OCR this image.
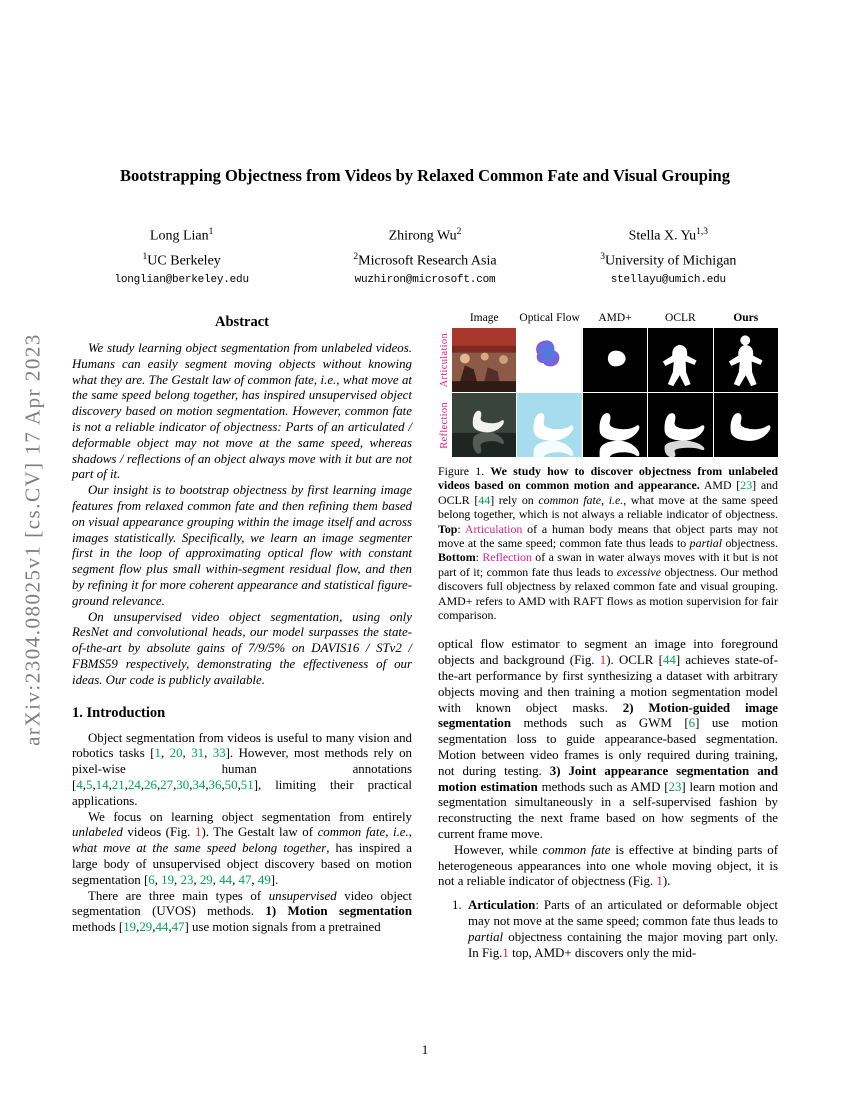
arXiv:2304.08025v1 [cs.CV] 17 Apr 2023
Bootstrapping Objectness from Videos by Relaxed Common Fate and Visual Grouping
Long Lian$^1$
$^1$UC Berkeley
longlian@berkeley.edu
Zhirong Wu$^2$
$^2$Microsoft Research Asia
wuzhiron@microsoft.com
Stella X. Yu$^{1,3}$
$^3$University of Michigan
stellayu@umich.edu
Abstract

We study learning object segmentation from unlabeled videos. Humans can easily segment moving objects without knowing what they are. The Gestalt law of common fate, i.e., what move at the same speed belong together, has inspired unsupervised object discovery based on motion segmentation. However, common fate is not a reliable indicator of objectness: Parts of an articulated / deformable object may not move at the same speed, whereas shadows / reflections of an object always move with it but are not part of it.

Our insight is to bootstrap objectness by first learning image features from relaxed common fate and then refining them based on visual appearance grouping within the image itself and across images statistically. Specifically, we learn an image segmenter first in the loop of approximating optical flow with constant segment flow plus small within-segment residual flow, and then by refining it for more coherent appearance and statistical figure-ground relevance.

On unsupervised video object segmentation, using only ResNet and convolutional heads, our model surpasses the state-of-the-art by absolute gains of 7/9/5% on DAVIS16 / STv2 / FBMS59 respectively, demonstrating the effectiveness of our ideas. Our code is publicly available.

1. Introduction

Object segmentation from videos is useful to many vision and robotics tasks [1, 20, 31, 33]. However, most methods rely on pixel-wise human annotations [4,5,14,21,24,26,27,30,34,36,50,51], limiting their practical applications.

We focus on learning object segmentation from entirely unlabeled videos (Fig. 1). The Gestalt law of common fate, i.e., what move at the same speed belong together, has inspired a large body of unsupervised object discovery based on motion segmentation [6, 19, 23, 29, 44, 47, 49].

There are three main types of unsupervised video object segmentation (UVOS) methods. 1) Motion segmentation methods [19,29,44,47] use motion signals from a pretrained

Image	Optical Flow	AMD+	OCLR	Ours
Articulation
Reflection
Figure 1. We study how to discover objectness from unlabeled videos based on common motion and appearance. AMD [23] and OCLR [44] rely on common fate, i.e., what move at the same speed belong together, which is not always a reliable indicator of objectness. Top: Articulation of a human body means that object parts may not move at the same speed; common fate thus leads to partial objectness. Bottom: Reflection of a swan in water always moves with it but is not part of it; common fate thus leads to excessive objectness. Our method discovers full objectness by relaxed common fate and visual grouping. AMD+ refers to AMD with RAFT flows as motion supervision for fair comparison.

optical flow estimator to segment an image into foreground objects and background (Fig. 1). OCLR [44] achieves state-of-the-art performance by first synthesizing a dataset with arbitrary objects moving and then training a motion segmentation model with known object masks. 2) Motion-guided image segmentation methods such as GWM [6] use motion segmentation loss to guide appearance-based segmentation. Motion between video frames is only required during training, not during testing. 3) Joint appearance segmentation and motion estimation methods such as AMD [23] learn motion and segmentation simultaneously in a self-supervised fashion by reconstructing the next frame based on how segments of the current frame move.

However, while common fate is effective at binding parts of heterogeneous appearances into one whole moving object, it is not a reliable indicator of objectness (Fig. 1).

1. Articulation: Parts of an articulated or deformable object may not move at the same speed; common fate thus leads to partial objectness containing the major moving part only. In Fig.1 top, AMD+ discovers only the mid-
1
